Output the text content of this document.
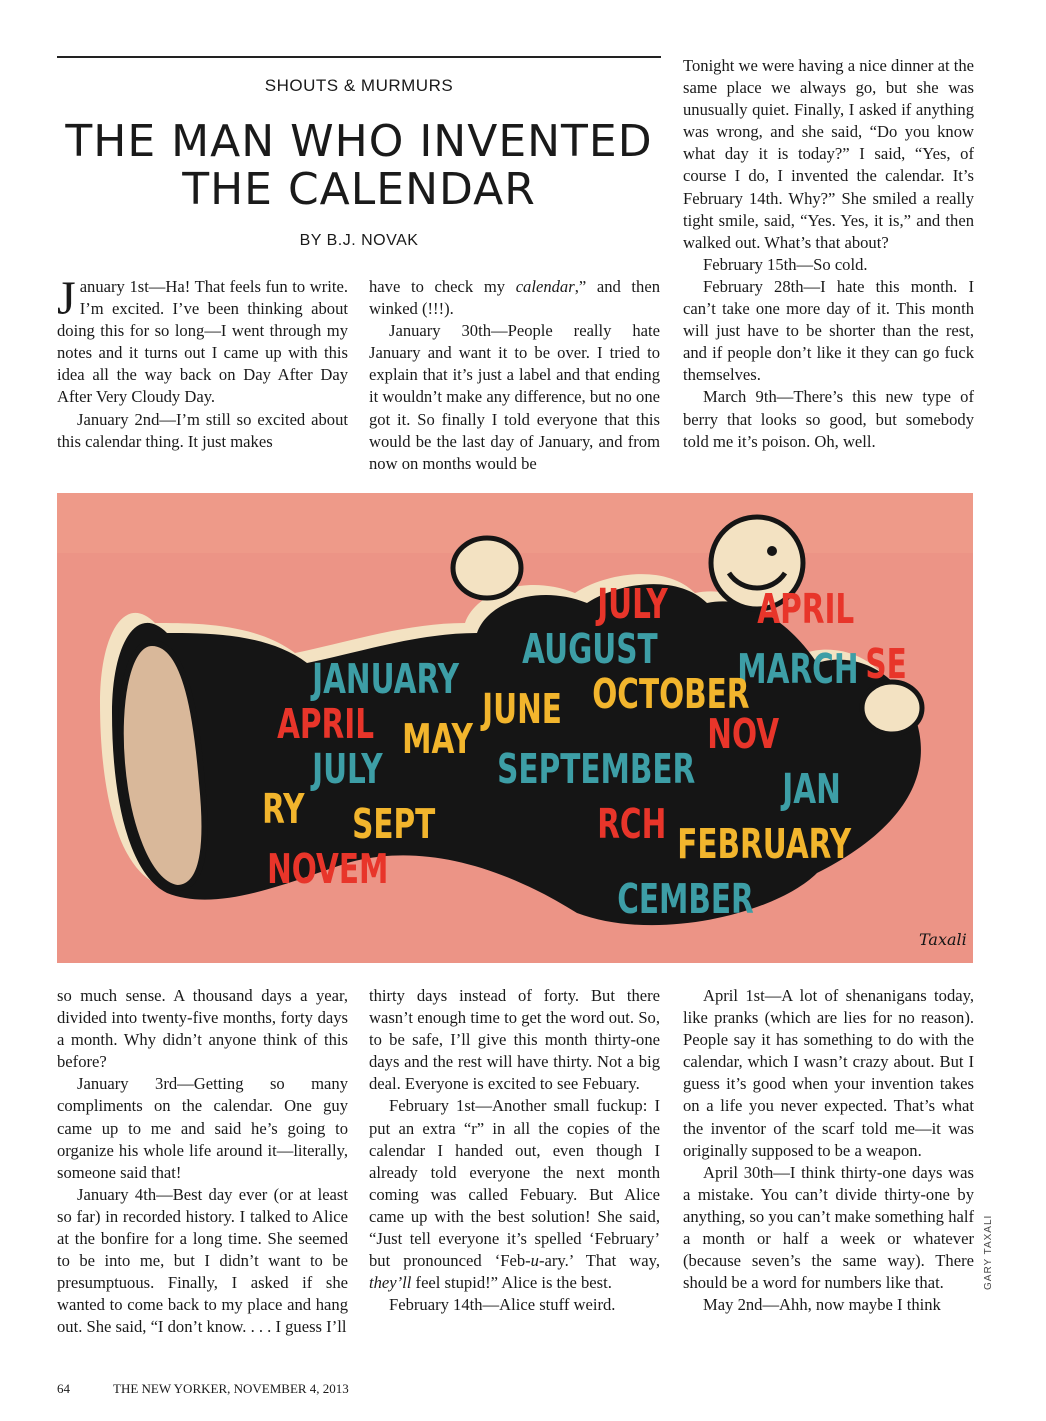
SHOUTS & MURMURS
THE MAN WHO INVENTED
THE CALENDAR
BY B.J. NOVAK

January 1st—Ha! That feels fun to write. I’m excited. I’ve been thinking about doing this for so long—I went through my notes and it turns out I came up with this idea all the way back on Day After Day After Very Cloudy Day.

January 2nd—I’m still so excited about this calendar thing. It just makes

have to check my calendar,” and then winked (!!!).

January 30th—People really hate January and want it to be over. I tried to explain that it’s just a label and that ending it wouldn’t make any difference, but no one got it. So finally I told everyone that this would be the last day of January, and from now on months would be

Tonight we were having a nice dinner at the same place we always go, but she was unusually quiet. Finally, I asked if anything was wrong, and she said, “Do you know what day it is today?” I said, “Yes, of course I do, I invented the calendar. It’s February 14th. Why?” She smiled a really tight smile, said, “Yes. Yes, it is,” and then walked out. What’s that about?

February 15th—So cold.

February 28th—I hate this month. I can’t take one more day of it. This month will just have to be shorter than the rest, and if people don’t like it they can go fuck themselves.

March 9th—There’s this new type of berry that looks so good, but somebody told me it’s poison. Oh, well.

JULY APRIL
AUGUST MARCH SE
JANUARY	OCTOBER
APRIL MAY
JUNE
NOV
JULY	SEPTEMBER JAN
RY SEPT	RCH FEBRUARY
NOVEM
CEMBER
Taxali

so much sense. A thousand days a year, divided into twenty-five months, forty days a month. Why didn’t anyone think of this before?

January 3rd—Getting so many compliments on the calendar. One guy came up to me and said he’s going to organize his whole life around it—literally, someone said that!

January 4th—Best day ever (or at least so far) in recorded history. I talked to Alice at the bonfire for a long time. She seemed to be into me, but I didn’t want to be presumptuous. Finally, I asked if she wanted to come back to my place and hang out. She said, “I don’t know. . . . I guess I’ll

thirty days instead of forty. But there wasn’t enough time to get the word out. So, to be safe, I’ll give this month thirty-one days and the rest will have thirty. Not a big deal. Everyone is excited to see Febuary.

February 1st—Another small fuckup: I put an extra “r” in all the copies of the calendar I handed out, even though I already told everyone the next month coming was called Febuary. But Alice came up with the best solution! She said, “Just tell everyone it’s spelled ‘February’ but pronounced ‘Feb-u-ary.’ That way, they’ll feel stupid!” Alice is the best.

February 14th—Alice stuff weird.

April 1st—A lot of shenanigans today, like pranks (which are lies for no reason). People say it has something to do with the calendar, which I wasn’t crazy about. But I guess it’s good when your invention takes on a life you never expected. That’s what the inventor of the scarf told me—it was originally supposed to be a weapon.

April 30th—I think thirty-one days was a mistake. You can’t divide thirty-one by anything, so you can’t make something half a month or half a week or whatever (because seven’s the same way). There should be a word for numbers like that.

May 2nd—Ahh, now maybe I think

GARY TAXALI
64	THE NEW YORKER, NOVEMBER 4, 2013
